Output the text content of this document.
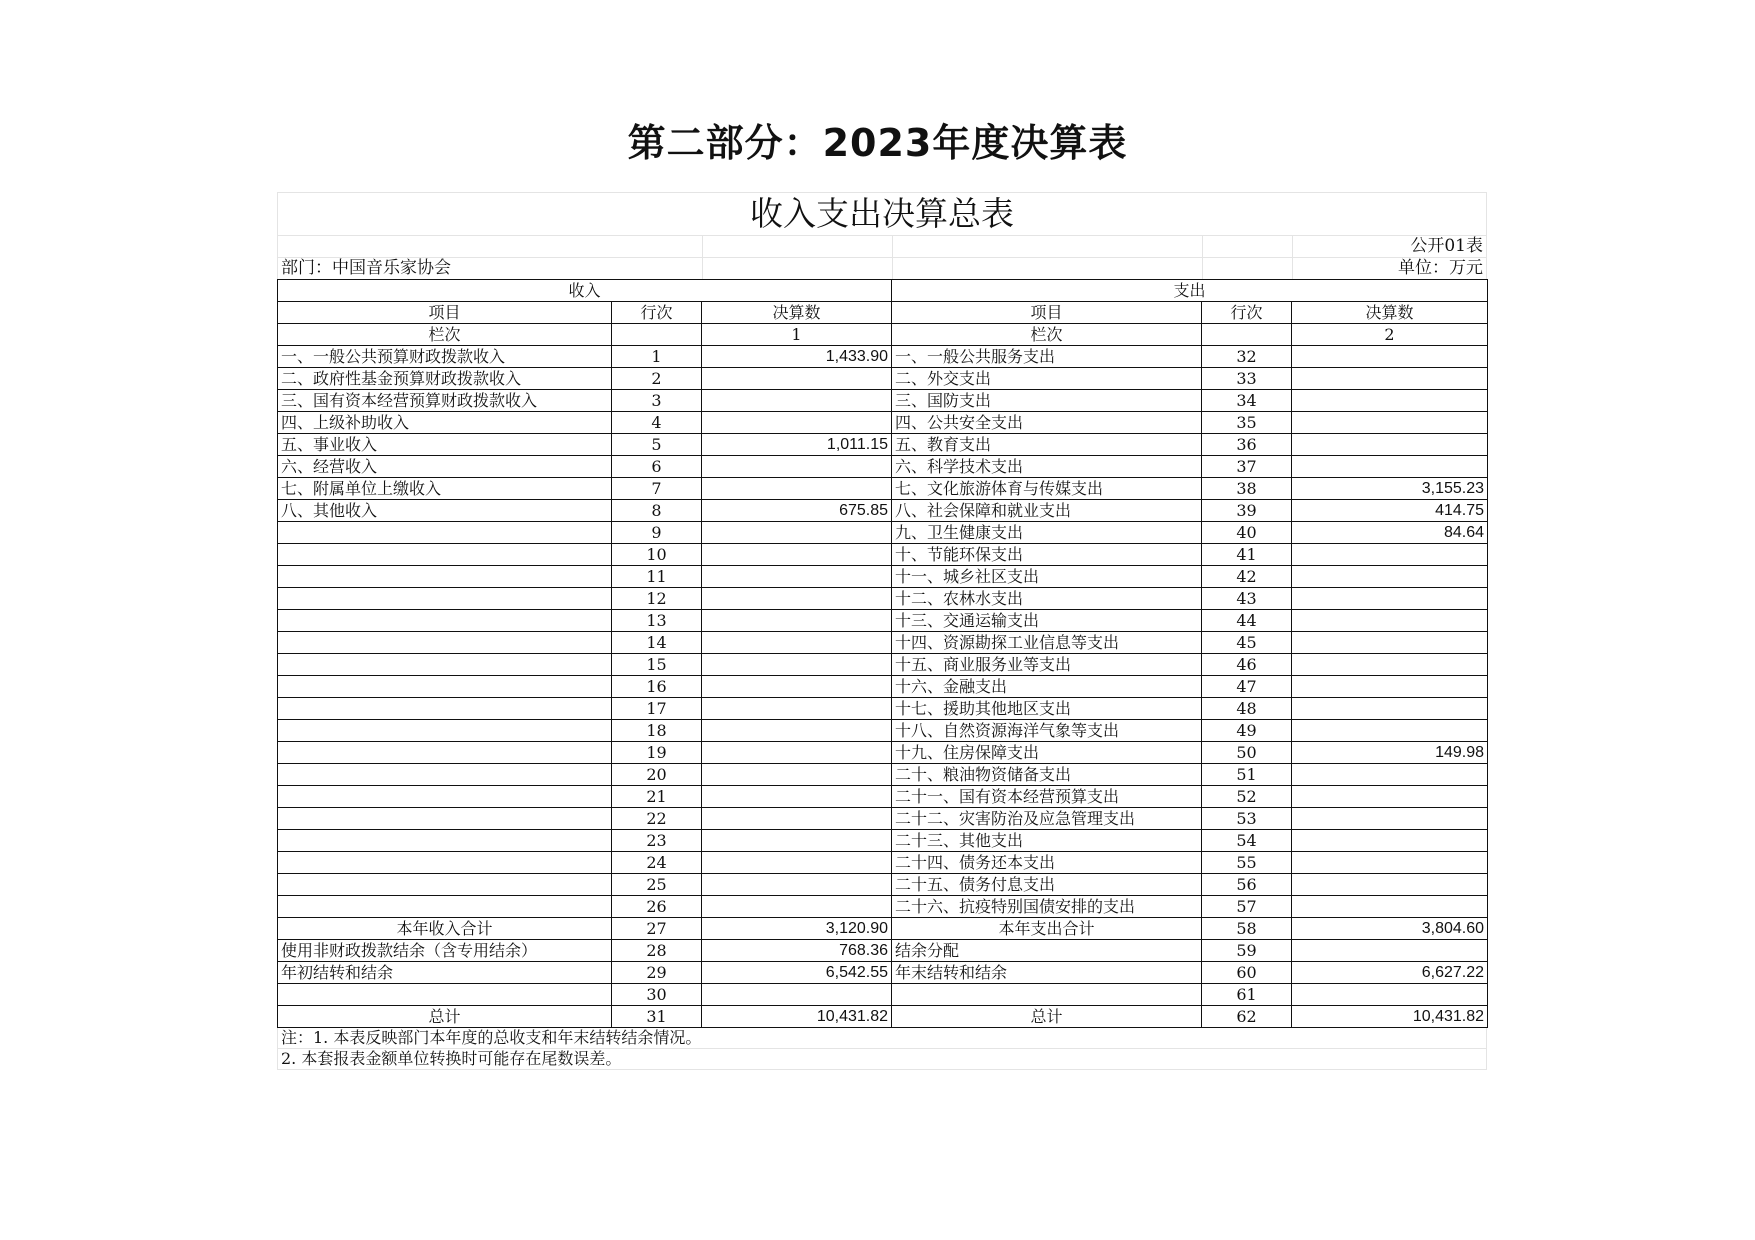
第二部分：2023年度决算表
收入支出决算总表
公开01表
部门：中国音乐家协会	单位：万元
收入			支出		
项目	行次	决算数	项目	行次	决算数
栏次		1	栏次		2
一、一般公共预算财政拨款收入	1	1,433.90	一、一般公共服务支出	32	
二、政府性基金预算财政拨款收入	2		二、外交支出	33	
三、国有资本经营预算财政拨款收入	3		三、国防支出	34	
四、上级补助收入	4		四、公共安全支出	35	
五、事业收入	5	1,011.15	五、教育支出	36	
六、经营收入	6		六、科学技术支出	37	
七、附属单位上缴收入	7		七、文化旅游体育与传媒支出	38	3,155.23
八、其他收入	8	675.85	八、社会保障和就业支出	39	414.75
	9		九、卫生健康支出	40	84.64
	10		十、节能环保支出	41	
	11		十一、城乡社区支出	42	
	12		十二、农林水支出	43	
	13		十三、交通运输支出	44	
	14		十四、资源勘探工业信息等支出	45	
	15		十五、商业服务业等支出	46	
	16		十六、金融支出	47	
	17		十七、援助其他地区支出	48	
	18		十八、自然资源海洋气象等支出	49	
	19		十九、住房保障支出	50	149.98
	20		二十、粮油物资储备支出	51	
	21		二十一、国有资本经营预算支出	52	
	22		二十二、灾害防治及应急管理支出	53	
	23		二十三、其他支出	54	
	24		二十四、债务还本支出	55	
	25		二十五、债务付息支出	56	
	26		二十六、抗疫特别国债安排的支出	57	
本年收入合计	27	3,120.90	本年支出合计	58	3,804.60
使用非财政拨款结余（含专用结余）	28	768.36	结余分配	59	
年初结转和结余	29	6,542.55	年末结转和结余	60	6,627.22
	30			61	
总计	31	10,431.82	总计	62	10,431.82
注：1. 本表反映部门本年度的总收支和年末结转结余情况。
2. 本套报表金额单位转换时可能存在尾数误差。
